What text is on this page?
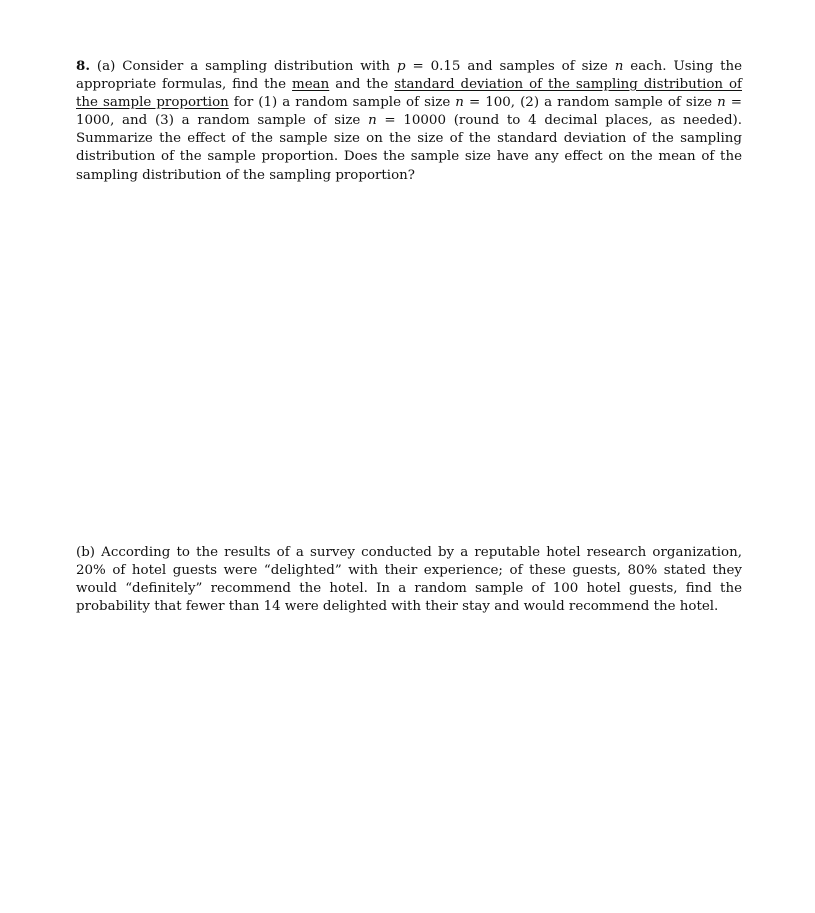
8. (a) Consider a sampling distribution with p = 0.15 and samples of size n each. Using the appropriate formulas, find the mean and the standard deviation of the sampling distribution of the sample proportion for (1) a random sample of size n = 100, (2) a random sample of size n = 1000, and (3) a random sample of size n = 10000 (round to 4 decimal places, as needed). Summarize the effect of the sample size on the size of the standard deviation of the sampling distribution of the sample proportion. Does the sample size have any effect on the mean of the sampling distribution of the sampling proportion?

(b) According to the results of a survey conducted by a reputable hotel research organization, 20% of hotel guests were “delighted” with their experience; of these guests, 80% stated they would “definitely” recommend the hotel. In a random sample of 100 hotel guests, find the probability that fewer than 14 were delighted with their stay and would recommend the hotel.
